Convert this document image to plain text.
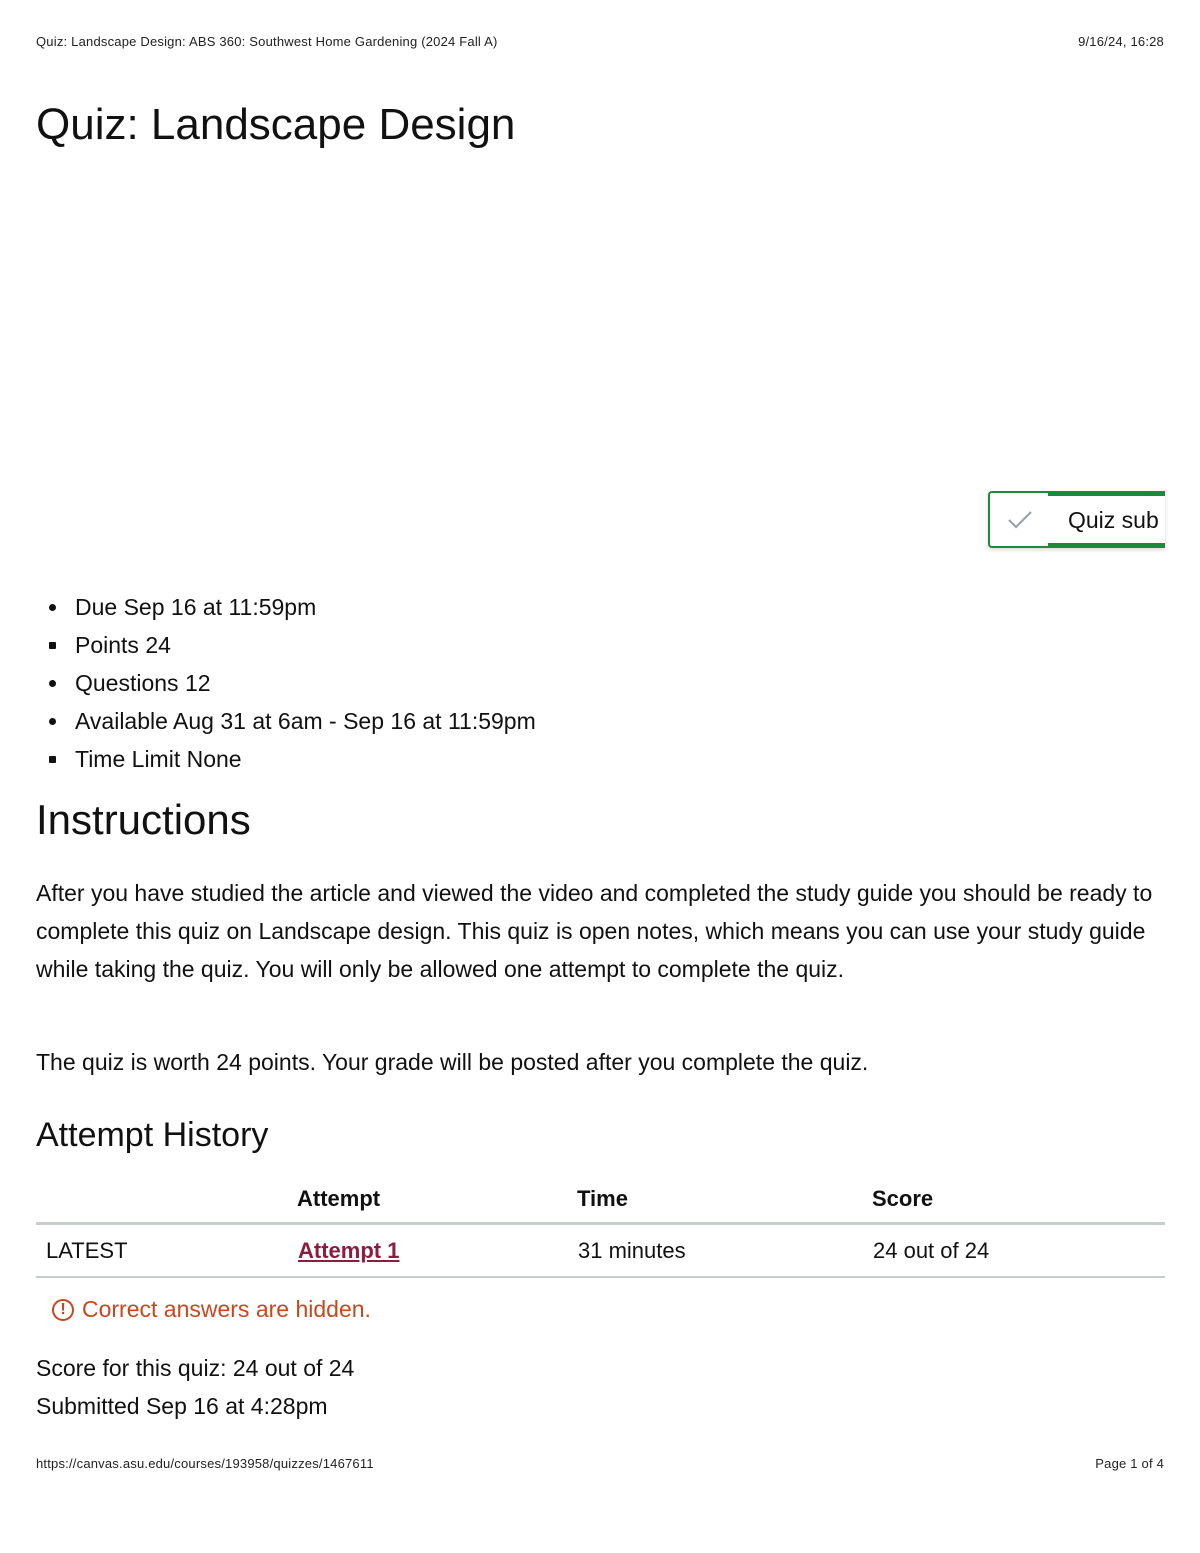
Quiz: Landscape Design: ABS 360: Southwest Home Gardening (2024 Fall A)	9/16/24, 16:28
Quiz: Landscape Design
Quiz sub
Due Sep 16 at 11:59pm
Points 24
Questions 12
Available Aug 31 at 6am - Sep 16 at 11:59pm
Time Limit None
Instructions

After you have studied the article and viewed the video and completed the study guide you should be ready to complete this quiz on Landscape design. This quiz is open notes, which means you can use your study guide while taking the quiz. You will only be allowed one attempt to complete the quiz.

The quiz is worth 24 points. Your grade will be posted after you complete the quiz.

Attempt History
	Attempt	Time	Score
LATEST	Attempt 1	31 minutes	24 out of 24
! Correct answers are hidden.

Score for this quiz: 24 out of 24

Submitted Sep 16 at 4:28pm

https://canvas.asu.edu/courses/193958/quizzes/1467611	Page 1 of 4
